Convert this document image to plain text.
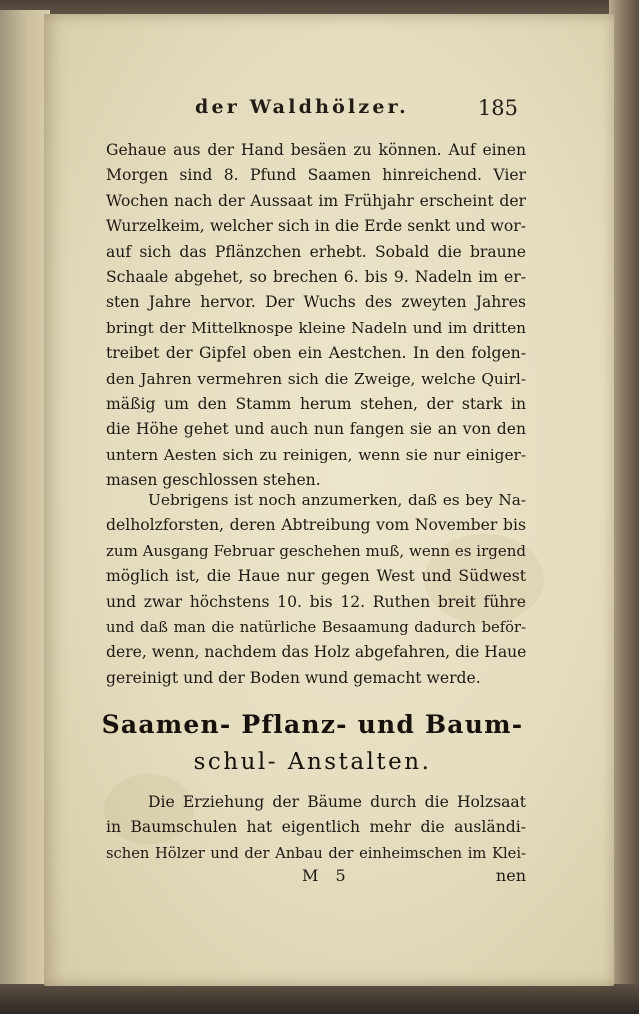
der Waldhölzer.	185
Gehaue aus der Hand besäen zu können. Auf einen
Morgen sind 8. Pfund Saamen hinreichend. Vier
Wochen nach der Aussaat im Frühjahr erscheint der
Wurzelkeim, welcher sich in die Erde senkt und wor-
auf sich das Pflänzchen erhebt. Sobald die braune
Schaale abgehet, so brechen 6. bis 9. Nadeln im er-
sten Jahre hervor. Der Wuchs des zweyten Jahres
bringt der Mittelknospe kleine Nadeln und im dritten
treibet der Gipfel oben ein Aestchen. In den folgen-
den Jahren vermehren sich die Zweige, welche Quirl-
mäßig um den Stamm herum stehen, der stark in
die Höhe gehet und auch nun fangen sie an von den
untern Aesten sich zu reinigen, wenn sie nur einiger-
masen geschlossen stehen.
Uebrigens ist noch anzumerken, daß es bey Na-
delholzforsten, deren Abtreibung vom November bis
zum Ausgang Februar geschehen muß, wenn es irgend
möglich ist, die Haue nur gegen West und Südwest
und zwar höchstens 10. bis 12. Ruthen breit führe
und daß man die natürliche Besaamung dadurch beför-
dere, wenn, nachdem das Holz abgefahren, die Haue
gereinigt und der Boden wund gemacht werde.
Saamen- Pflanz- und Baum-
schul- Anstalten.
Die Erziehung der Bäume durch die Holzsaat
in Baumschulen hat eigentlich mehr die ausländi-
schen Hölzer und der Anbau der einheimschen im Klei-
M 5	nen
